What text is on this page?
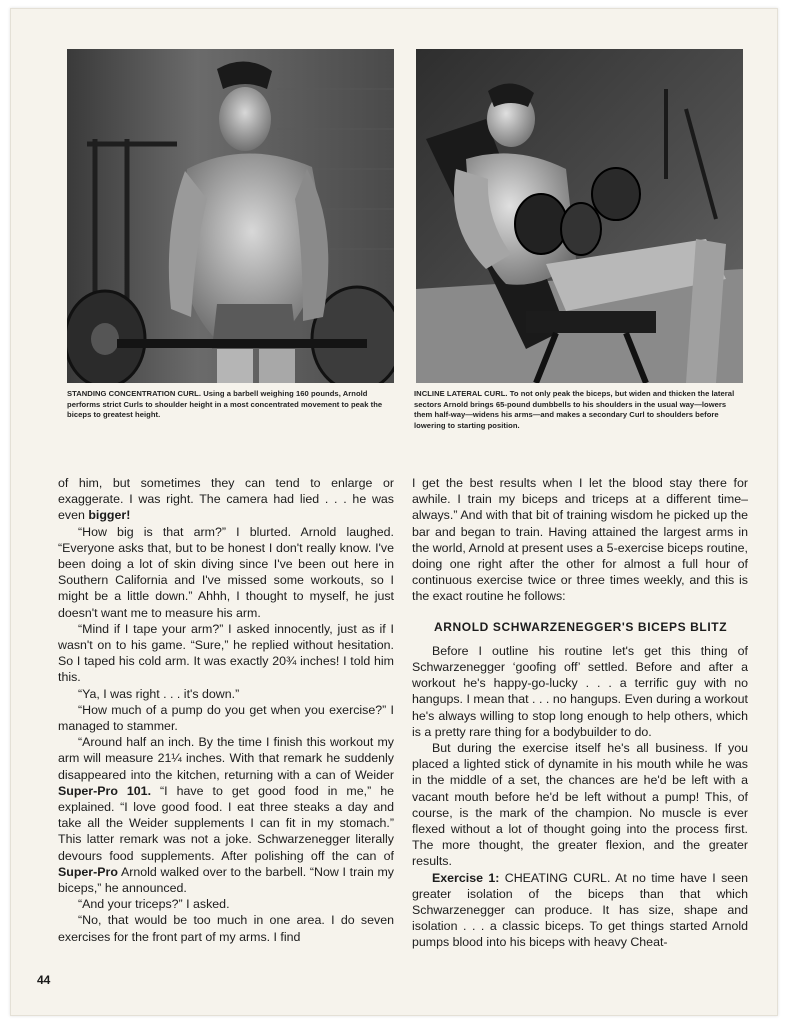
STANDING CONCENTRATION CURL. Using a barbell weighing 160 pounds, Arnold performs strict Curls to shoulder height in a most concentrated movement to peak the biceps to greatest height.
INCLINE LATERAL CURL. To not only peak the biceps, but widen and thicken the lateral sectors Arnold brings 65-pound dumbbells to his shoulders in the usual way—lowers them half-way—widens his arms—and makes a secondary Curl to shoulders before lowering to starting position.

of him, but sometimes they can tend to enlarge or exaggerate. I was right. The camera had lied . . . he was even bigger!

“How big is that arm?” I blurted. Arnold laughed. “Everyone asks that, but to be honest I don't really know. I've been doing a lot of skin diving since I've been out here in Southern California and I've missed some workouts, so I might be a little down.” Ahhh, I thought to myself, he just doesn't want me to measure his arm.

“Mind if I tape your arm?” I asked innocently, just as if I wasn't on to his game. “Sure,” he replied without hesitation. So I taped his cold arm. It was exactly 20¾ inches! I told him this.

“Ya, I was right . . . it's down.”

“How much of a pump do you get when you exercise?” I managed to stammer.

“Around half an inch. By the time I finish this workout my arm will measure 21¼ inches. With that remark he suddenly disappeared into the kitchen, returning with a can of Weider Super-Pro 101. “I have to get good food in me,” he explained. “I love good food. I eat three steaks a day and take all the Weider supplements I can fit in my stomach.” This latter remark was not a joke. Schwarzenegger literally devours food supplements. After polishing off the can of Super-Pro Arnold walked over to the barbell. “Now I train my biceps,” he announced.

“And your triceps?” I asked.

“No, that would be too much in one area. I do seven exercises for the front part of my arms. I find

I get the best results when I let the blood stay there for awhile. I train my biceps and triceps at a different time–always.” And with that bit of training wisdom he picked up the bar and began to train. Having attained the largest arms in the world, Arnold at present uses a 5-exercise biceps routine, doing one right after the other for almost a full hour of continuous exercise twice or three times weekly, and this is the exact routine he follows:

ARNOLD SCHWARZENEGGER'S BICEPS BLITZ

Before I outline his routine let's get this thing of Schwarzenegger ‘goofing off’ settled. Before and after a workout he's happy-go-lucky . . . a terrific guy with no hangups. I mean that . . . no hangups. Even during a workout he's always willing to stop long enough to help others, which is a pretty rare thing for a bodybuilder to do.

But during the exercise itself he's all business. If you placed a lighted stick of dynamite in his mouth while he was in the middle of a set, the chances are he'd be left with a vacant mouth before he'd be left without a pump! This, of course, is the mark of the champion. No muscle is ever flexed without a lot of thought going into the process first. The more thought, the greater flexion, and the greater results.

Exercise 1: CHEATING CURL. At no time have I seen greater isolation of the biceps than that which Schwarzenegger can produce. It has size, shape and isolation . . . a classic biceps. To get things started Arnold pumps blood into his biceps with heavy Cheat-

44
